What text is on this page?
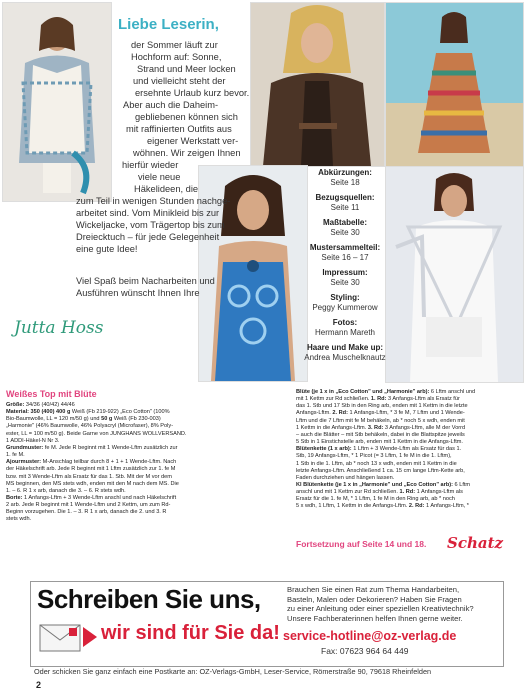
Liebe Leserin,
der Sommer läuft zur
Hochform auf: Sonne,
Strand und Meer locken
und vielleicht steht der
ersehnte Urlaub kurz bevor.
Aber auch die Daheim-
gebliebenen können sich
mit raffinierten Outfits aus
eigener Werkstatt ver-
wöhnen. Wir zeigen Ihnen
hierfür wieder
viele neue
Häkelideen, die
zum Teil in wenigen Stunden nachge-
arbeitet sind. Vom Minikleid bis zur
Wickeljacke, vom Trägertop bis zum
Dreiecktuch – für jede Gelegenheit
eine gute Idee!
Viel Spaß beim Nacharbeiten und
Ausführen wünscht Ihnen Ihre
Jutta Hoss
Abkürzungen:
Seite 18
Bezugsquellen:
Seite 11
Maßtabelle:
Seite 30
Mustersammelteil:
Seite 16 – 17
Impressum:
Seite 30
Styling:
Peggy Kummerow
Fotos:
Hermann Mareth
Haare und Make up:
Andrea Muschelknautz
Weißes Top mit Blüte
Größe: 34/36 (40/42) 44/46
Material: 350 (400) 400 g Weiß (Fb 219-922) „Eco Cotton" (100%
Bio-Baumwolle, LL = 120 m/50 g) und 50 g Weiß (Fb 230-003)
„Harmonie" (46% Baumwolle, 46% Polyacryl (Microfaser), 8% Poly-
ester, LL = 100 m/50 g). Beide Garne von JUNGHANS WOLLVERSAND.
1 ADDI-Häkel-N Nr 3.
Grundmuster: fe M. Jede R beginnt mit 1 Wende-Lftm zusätzlich zur
1. fe M.
Ajourmuster: M-Anschlag teilbar durch 8 + 1 + 1 Wende-Lftm. Nach
der Häkelschrift arb. Jede R beginnt mit 1 Lftm zusätzlich zur 1. fe M
bzw. mit 3 Wende-Lftm als Ersatz für das 1. Stb. Mit der M vor dem
MS beginnen, den MS stets wdh, enden mit den M nach dem MS. Die
1. – 6. R 1 x arb, danach die 3. – 6. R stets wdh.
Borte: 1 Anfangs-Lftm + 3 Wende-Lftm anschl und nach Häkelschrift
2 arb. Jede R beginnt mit 1 Wende-Lftm und 2 Kettm, um zum Rd-
Beginn vorzugehen. Die 1. – 3. R 1 x arb, danach die 2. und 3. R
stets wdh.
Blüte (je 1 x in „Eco Cotton" und „Harmonie" arb): 6 Lftm anschl und
mit 1 Kettm zur Rd schließen. 1. Rd: 3 Anfangs-Lftm als Ersatz für
das 1. Stb und 17 Stb in den Ring arb, enden mit 1 Kettm in die letzte
Anfangs-Lftm. 2. Rd: 1 Anfangs-Lftm, * 3 fe M, 7 Lftm und 1 Wende-
Lftm und die 7 Lftm mit fe M behäkeln, ab * noch 5 x wdh, enden mit
1 Kettm in die Anfangs-Lftm. 3. Rd: 3 Anfangs-Lftm, alle M der Vorrd
– auch die Blätter – mit Stb behäkeln, dabei in die Blattspitze jeweils
5 Stb in 1 Einstichstelle arb, enden mit 1 Kettm in die Anfangs-Lftm.
Blütenkette (1 x arb): 1 Lftm + 3 Wende-Lftm als Ersatz für das 1.
Stb, 19 Anfangs-Lftm, * 1 Picot (= 3 Lftm, 1 fe M in die 1. Lftm),
1 Stb in die 1. Lftm, ab * noch 13 x wdh, enden mit 1 Kettm in die
letzte Anfangs-Lftm. Anschließend 1 ca. 15 cm lange Lftm-Kette arb,
Faden durchziehen und hängen lassen.
Kl Blütenkette (je 1 x in „Harmonie" und „Eco Cotton" arb): 6 Lftm
anschl und mit 1 Kettm zur Rd schließen. 1. Rd: 1 Anfangs-Lftm als
Ersatz für die 1. fe M, * 1 Lftm, 1 fe M in den Ring arb, ab * noch
5 x wdh, 1 Lftm, 1 Kettm in die Anfangs-Lftm. 2. Rd: 1 Anfangs-Lftm, *
Fortsetzung auf Seite 14 und 18. Schatz
Schreiben Sie uns,
wir sind für Sie da!
Brauchen Sie einen Rat zum Thema Handarbeiten,
Basteln, Malen oder Dekorieren? Haben Sie Fragen
zu einer Anleitung oder einer speziellen Kreativtechnik?
Unsere Fachberaterinnen helfen Ihnen gerne weiter.
service-hotline@oz-verlag.de
Fax: 07623 964 64 449
Oder schicken Sie ganz einfach eine Postkarte an: OZ-Verlags-GmbH, Leser-Service, Römerstraße 90, 79618 Rheinfelden
2
